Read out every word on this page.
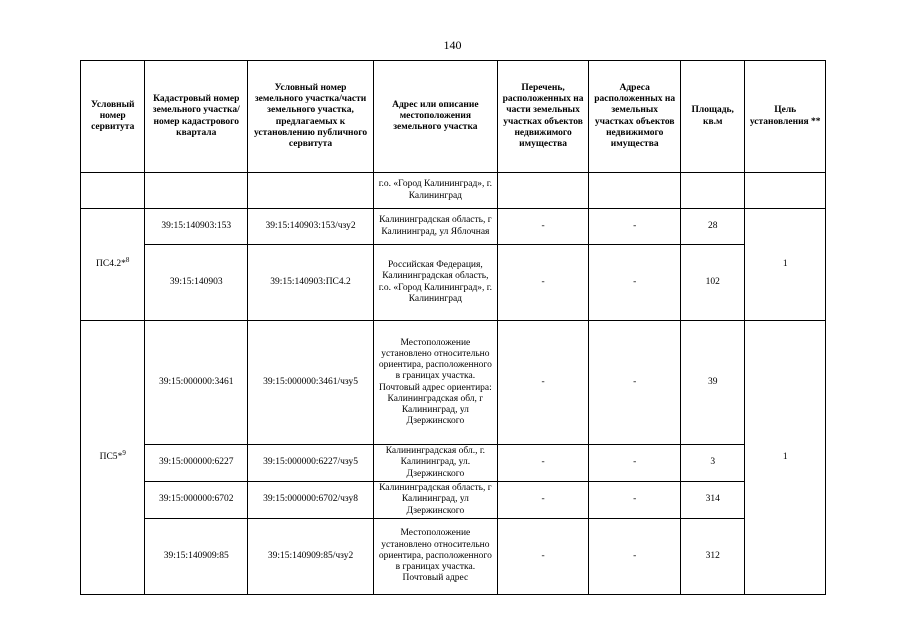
140
Условный номер сервитута	Кадастровый номер земельного участка/номер кадастрового квартала	Условный номер земельного участка/части земельного участка, предлагаемых к установлению публичного сервитута	Адрес или описание местоположения земельного участка	Перечень, расположенных на части земельных участках объектов недвижимого имущества	Адреса расположенных на земельных участках объектов недвижимого имущества	Площадь, кв.м	Цель установления **
			г.о. «Город Калининград», г. Калининград				
ПС4.2*$^8$	39:15:140903:153	39:15:140903:153/чзу2	Калининградская область, г Калининград, ул Яблочная	-	-	28	1
	39:15:140903	39:15:140903:ПС4.2	Российская Федерация, Калининградская область, г.о. «Город Калининград», г. Калининград	-	-	102	
ПС5*$^9$	39:15:000000:3461	39:15:000000:3461/чзу5	Местоположение установлено относительно ориентира, расположенного в границах участка. Почтовый адрес ориентира: Калининградская обл, г Калининград, ул Дзержинского	-	-	39	1
	39:15:000000:6227	39:15:000000:6227/чзу5	Калининградская обл., г. Калининград, ул. Дзержинского	-	-	3	
	39:15:000000:6702	39:15:000000:6702/чзу8	Калининградская область, г Калининград, ул Дзержинского	-	-	314	
	39:15:140909:85	39:15:140909:85/чзу2	Местоположение установлено относительно ориентира, расположенного в границах участка. Почтовый адрес	-	-	312	
